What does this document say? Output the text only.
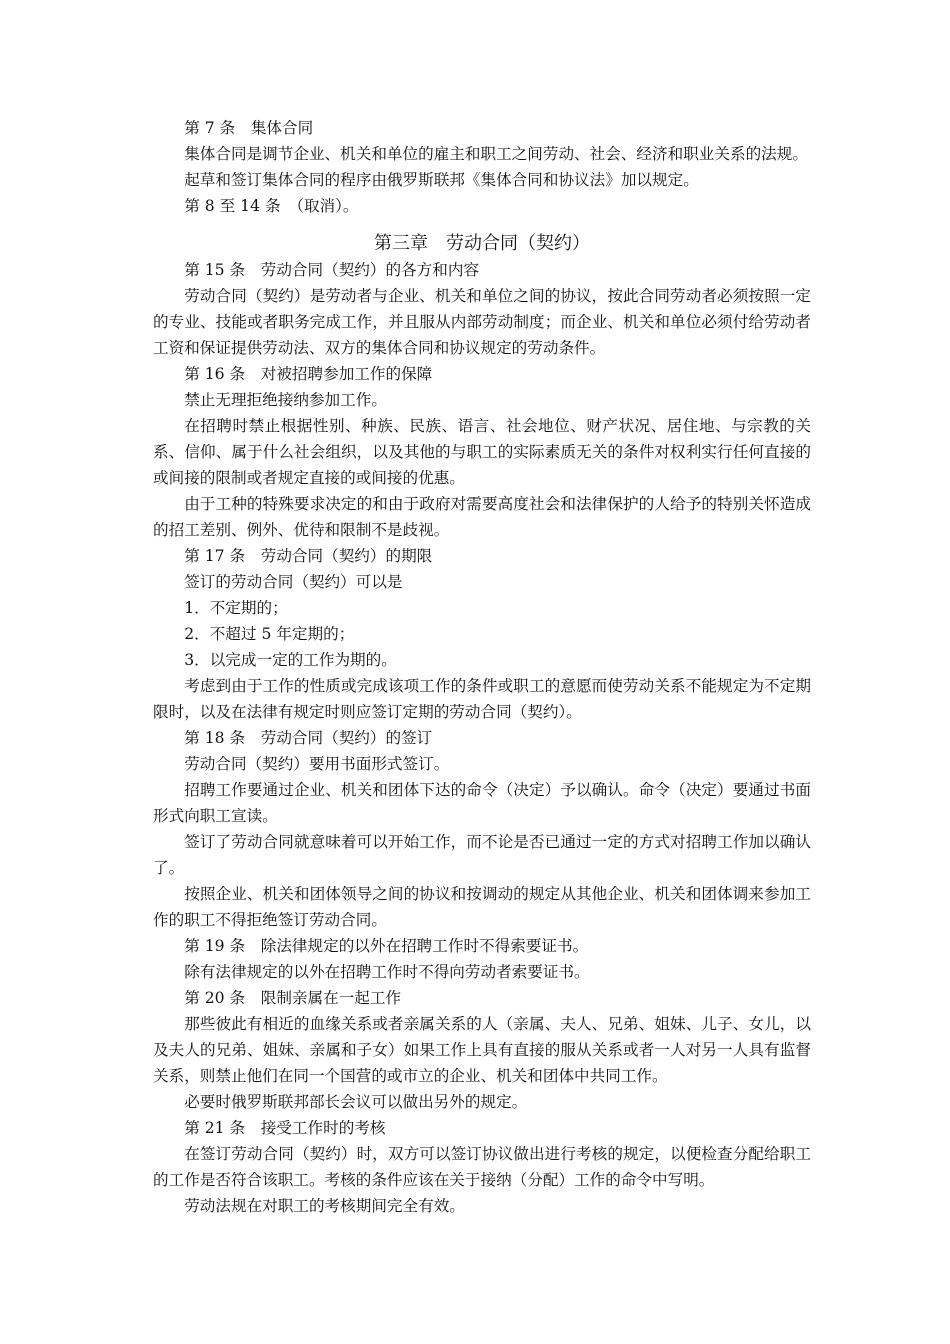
第 7 条　集体合同

集体合同是调节企业、机关和单位的雇主和职工之间劳动、社会、经济和职业关系的法规。

起草和签订集体合同的程序由俄罗斯联邦《集体合同和协议法》加以规定。

第 8 至 14 条　（取消）。

第三章　劳动合同（契约）

第 15 条　劳动合同（契约）的各方和内容

劳动合同（契约）是劳动者与企业、机关和单位之间的协议，按此合同劳动者必须按照一定的专业、技能或者职务完成工作，并且服从内部劳动制度；而企业、机关和单位必须付给劳动者工资和保证提供劳动法、双方的集体合同和协议规定的劳动条件。

第 16 条　对被招聘参加工作的保障

禁止无理拒绝接纳参加工作。

在招聘时禁止根据性别、种族、民族、语言、社会地位、财产状况、居住地、与宗教的关系、信仰、属于什么社会组织，以及其他的与职工的实际素质无关的条件对权利实行任何直接的或间接的限制或者规定直接的或间接的优惠。

由于工种的特殊要求决定的和由于政府对需要高度社会和法律保护的人给予的特别关怀造成的招工差别、例外、优待和限制不是歧视。

第 17 条　劳动合同（契约）的期限

签订的劳动合同（契约）可以是

1．不定期的；

2．不超过 5 年定期的；

3．以完成一定的工作为期的。

考虑到由于工作的性质或完成该项工作的条件或职工的意愿而使劳动关系不能规定为不定期限时，以及在法律有规定时则应签订定期的劳动合同（契约）。

第 18 条　劳动合同（契约）的签订

劳动合同（契约）要用书面形式签订。

招聘工作要通过企业、机关和团体下达的命令（决定）予以确认。命令（决定）要通过书面形式向职工宣读。

签订了劳动合同就意味着可以开始工作，而不论是否已通过一定的方式对招聘工作加以确认了。

按照企业、机关和团体领导之间的协议和按调动的规定从其他企业、机关和团体调来参加工作的职工不得拒绝签订劳动合同。

第 19 条　除法律规定的以外在招聘工作时不得索要证书。

除有法律规定的以外在招聘工作时不得向劳动者索要证书。

第 20 条　限制亲属在一起工作

那些彼此有相近的血缘关系或者亲属关系的人（亲属、夫人、兄弟、姐妹、儿子、女儿，以及夫人的兄弟、姐妹、亲属和子女）如果工作上具有直接的服从关系或者一人对另一人具有监督关系，则禁止他们在同一个国营的或市立的企业、机关和团体中共同工作。

必要时俄罗斯联邦部长会议可以做出另外的规定。

第 21 条　接受工作时的考核

在签订劳动合同（契约）时，双方可以签订协议做出进行考核的规定，以便检查分配给职工的工作是否符合该职工。考核的条件应该在关于接纳（分配）工作的命令中写明。

劳动法规在对职工的考核期间完全有效。
